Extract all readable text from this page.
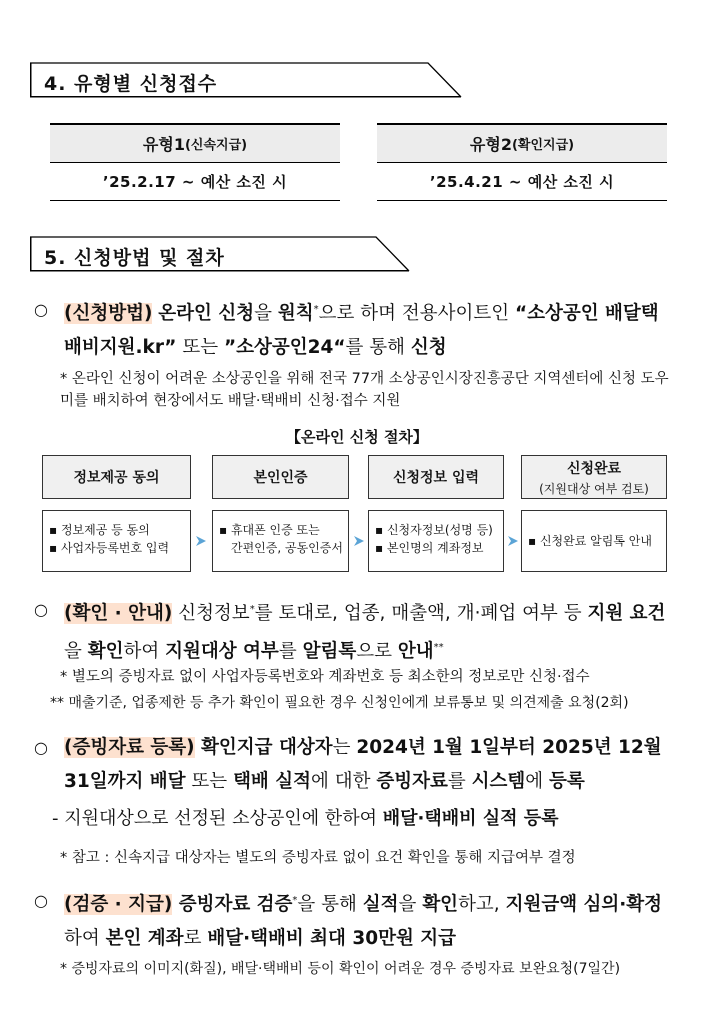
4. 유형별 신청접수
유형1 (신속지급)
’25.2.17 ~ 예산 소진 시
유형2 (확인지급)
’25.4.21 ~ 예산 소진 시
5. 신청방법 및 절차
○ (신청방법) 온라인 신청을 원칙*으로 하며 전용사이트인 “소상공인 배달택배비지원.kr” 또는 ”소상공인24“를 통해 신청
* 온라인 신청이 어려운 소상공인을 위해 전국 77개 소상공인시장진흥공단 지역센터에 신청 도우미를 배치하여 현장에서도 배달·택배비 신청·접수 지원
【온라인 신청 절차】
정보제공 동의	본인인증	신청정보 입력
신청완료
(지원대상 여부 검토)
▪ 정보제공 등 동의
▪ 사업자등록번호 입력
▪ 휴대폰 인증 또는
간편인증, 공동인증서
▪ 신청자정보(성명 등)
▪ 본인명의 계좌정보	▪ 신청완료 알림톡 안내
○ (확인 · 안내) 신청정보*를 토대로, 업종, 매출액, 개·폐업 여부 등 지원 요건을 확인하여 지원대상 여부를 알림톡으로 안내**
* 별도의 증빙자료 없이 사업자등록번호와 계좌번호 등 최소한의 정보로만 신청·접수
** 매출기준, 업종제한 등 추가 확인이 필요한 경우 신청인에게 보류통보 및 의견제출 요청(2회)
○ (증빙자료 등록) 확인지급 대상자는 2024년 1월 1일부터 2025년 12월 31일까지 배달 또는 택배 실적에 대한 증빙자료를 시스템에 등록
- 지원대상으로 선정된 소상공인에 한하여 배달·택배비 실적 등록
* 참고 : 신속지급 대상자는 별도의 증빙자료 없이 요건 확인을 통해 지급여부 결정
○ (검증 · 지급) 증빙자료 검증*을 통해 실적을 확인하고, 지원금액 심의·확정하여 본인 계좌로 배달·택배비 최대 30만원 지급
* 증빙자료의 이미지(화질), 배달·택배비 등이 확인이 어려운 경우 증빙자료 보완요청(7일간)
